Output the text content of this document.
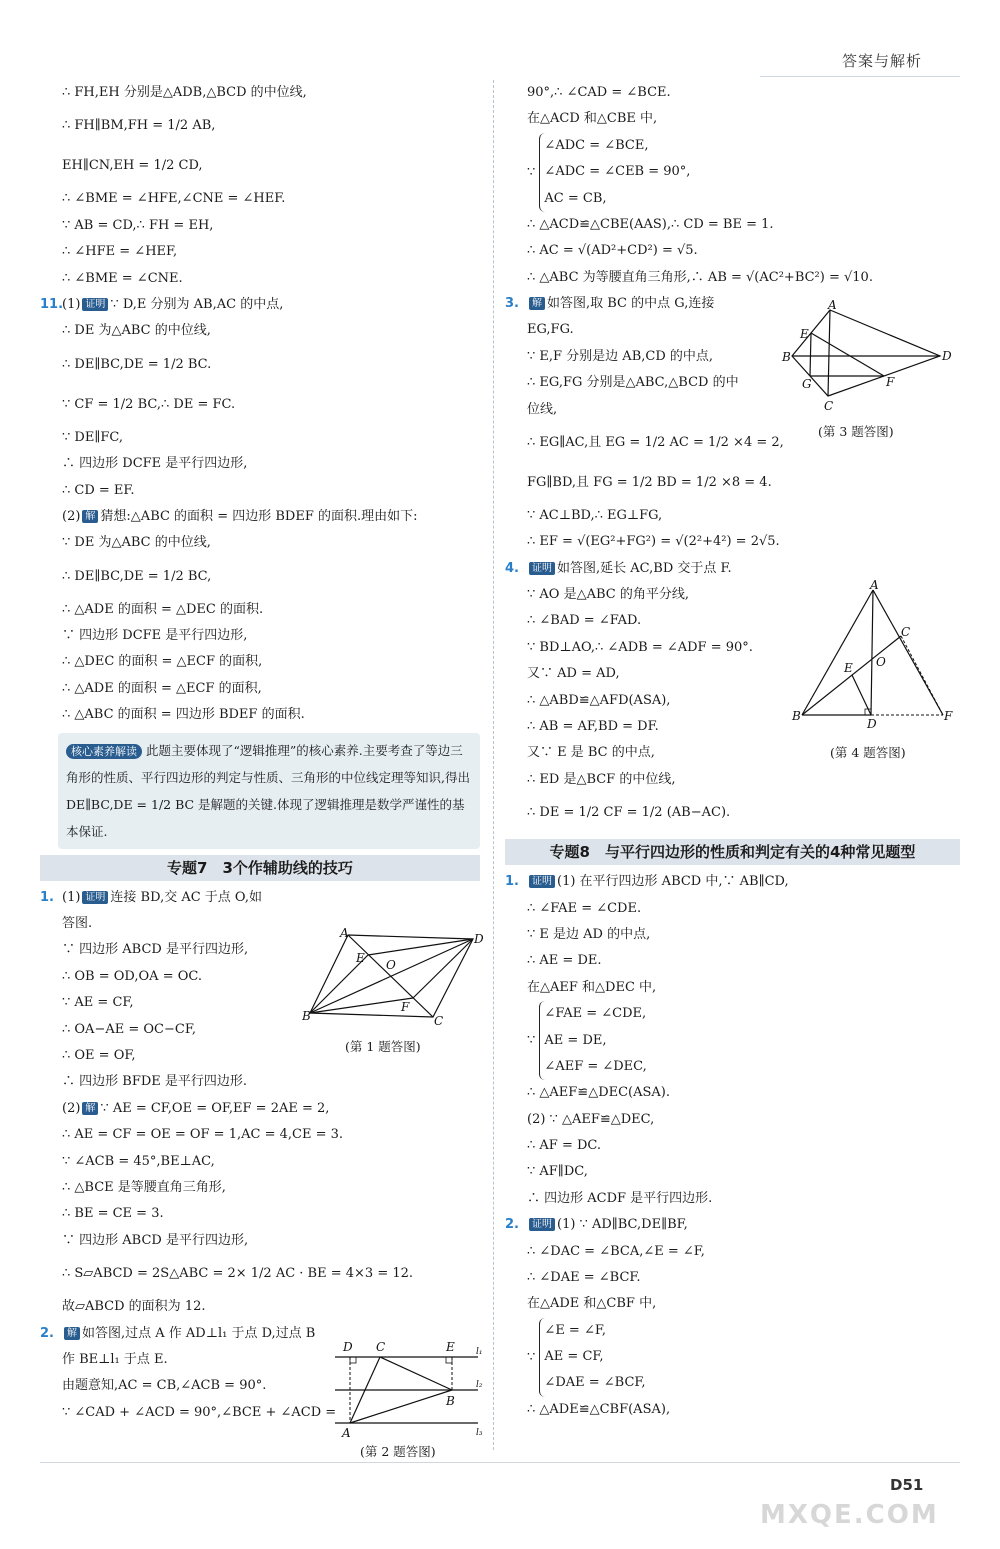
答案与解析
∴ FH,EH 分别是△ADB,△BCD 的中位线,
∴ FH∥BM,FH = 1/2 AB,
EH∥CN,EH = 1/2 CD,
∴ ∠BME = ∠HFE,∠CNE = ∠HEF.
∵ AB = CD,∴ FH = EH,
∴ ∠HFE = ∠HEF,
∴ ∠BME = ∠CNE.
11.(1) 证明 ∵ D,E 分别为 AB,AC 的中点,
∴ DE 为△ABC 的中位线,
∴ DE∥BC,DE = 1/2 BC.
∵ CF = 1/2 BC,∴ DE = FC.
∵ DE∥FC,
∴ 四边形 DCFE 是平行四边形,
∴ CD = EF.
(2) 解 猜想:△ABC 的面积 = 四边形 BDEF 的面积.理由如下:
∵ DE 为△ABC 的中位线,
∴ DE∥BC,DE = 1/2 BC,
∴ △ADE 的面积 = △DEC 的面积.
∵ 四边形 DCFE 是平行四边形,
∴ △DEC 的面积 = △ECF 的面积,
∴ △ADE 的面积 = △ECF 的面积,
∴ △ABC 的面积 = 四边形 BDEF 的面积.
核心素养解读 此题主要体现了“逻辑推理”的核心素养.主要考查了等边三角形的性质、平行四边形的判定与性质、三角形的中位线定理等知识,得出 DE∥BC,DE = 1/2 BC 是解题的关键.体现了逻辑推理是数学严谨性的基本保证.
专题7　3个作辅助线的技巧
1. (1) 证明 连接 BD,交 AC 于点 O,如
答图.
∵ 四边形 ABCD 是平行四边形,
∴ OB = OD,OA = OC.
∵ AE = CF,
∴ OA−AE = OC−CF,
∴ OE = OF,
∴ 四边形 BFDE 是平行四边形.
(2) 解 ∵ AE = CF,OE = OF,EF = 2AE = 2,
∴ AE = CF = OE = OF = 1,AC = 4,CE = 3.
∵ ∠ACB = 45°,BE⊥AC,
∴ △BCE 是等腰直角三角形,
∴ BE = CE = 3.
∵ 四边形 ABCD 是平行四边形,
∴ S▱ABCD = 2S△ABC = 2× 1/2 AC · BE = 4×3 = 12.
故▱ABCD 的面积为 12.
2. 解 如答图,过点 A 作 AD⊥l₁ 于点 D,过点 B
作 BE⊥l₁ 于点 E.
由题意知,AC = CB,∠ACB = 90°.
∵ ∠CAD + ∠ACD = 90°,∠BCE + ∠ACD =
A	D
B	C
E O
F
(第 1 题答图)
D C	E
B
A
l₁
l₂
l₃
(第 2 题答图)
90°,∴ ∠CAD = ∠BCE.
在△ACD 和△CBE 中,
∵ ∠ADC = ∠BCE,
∠ADC = ∠CEB = 90°,
AC = CB,
∴ △ACD≌△CBE(AAS),∴ CD = BE = 1.
∴ AC = √(AD²+CD²) = √5.
∴ △ABC 为等腰直角三角形,∴ AB = √(AC²+BC²) = √10.
3. 解 如答图,取 BC 的中点 G,连接
EG,FG.
∵ E,F 分别是边 AB,CD 的中点,
∴ EG,FG 分别是△ABC,△BCD 的中
位线,
∴ EG∥AC,且 EG = 1/2 AC = 1/2 ×4 = 2,
FG∥BD,且 FG = 1/2 BD = 1/2 ×8 = 4.
∵ AC⊥BD,∴ EG⊥FG,
∴ EF = √(EG²+FG²) = √(2²+4²) = 2√5.
4. 证明 如答图,延长 AC,BD 交于点 F.
∵ AO 是△ABC 的角平分线,
∴ ∠BAD = ∠FAD.
∵ BD⊥AO,∴ ∠ADB = ∠ADF = 90°.
又∵ AD = AD,
∴ △ABD≌△AFD(ASA),
∴ AB = AF,BD = DF.
又∵ E 是 BC 的中点,
∴ ED 是△BCF 的中位线,
∴ DE = 1/2 CF = 1/2 (AB−AC).
专题8　与平行四边形的性质和判定有关的4种常见题型
1. 证明 (1) 在平行四边形 ABCD 中,∵ AB∥CD,
∴ ∠FAE = ∠CDE.
∵ E 是边 AD 的中点,
∴ AE = DE.
在△AEF 和△DEC 中,
∵ ∠FAE = ∠CDE,
AE = DE,
∠AEF = ∠DEC,
∴ △AEF≌△DEC(ASA).
(2) ∵ △AEF≌△DEC,
∴ AF = DC.
∵ AF∥DC,
∴ 四边形 ACDF 是平行四边形.
2. 证明 (1) ∵ AD∥BC,DE∥BF,
∴ ∠DAC = ∠BCA,∠E = ∠F,
∴ ∠DAE = ∠BCF.
在△ADE 和△CBF 中,
∵ ∠E = ∠F,
AE = CF,
∠DAE = ∠BCF,
∴ △ADE≌△CBF(ASA),
A
D
B
C
E
G	F
(第 3 题答图)
A
C
E O
B
D
F
(第 4 题答图)
D51
MXQE.COM
